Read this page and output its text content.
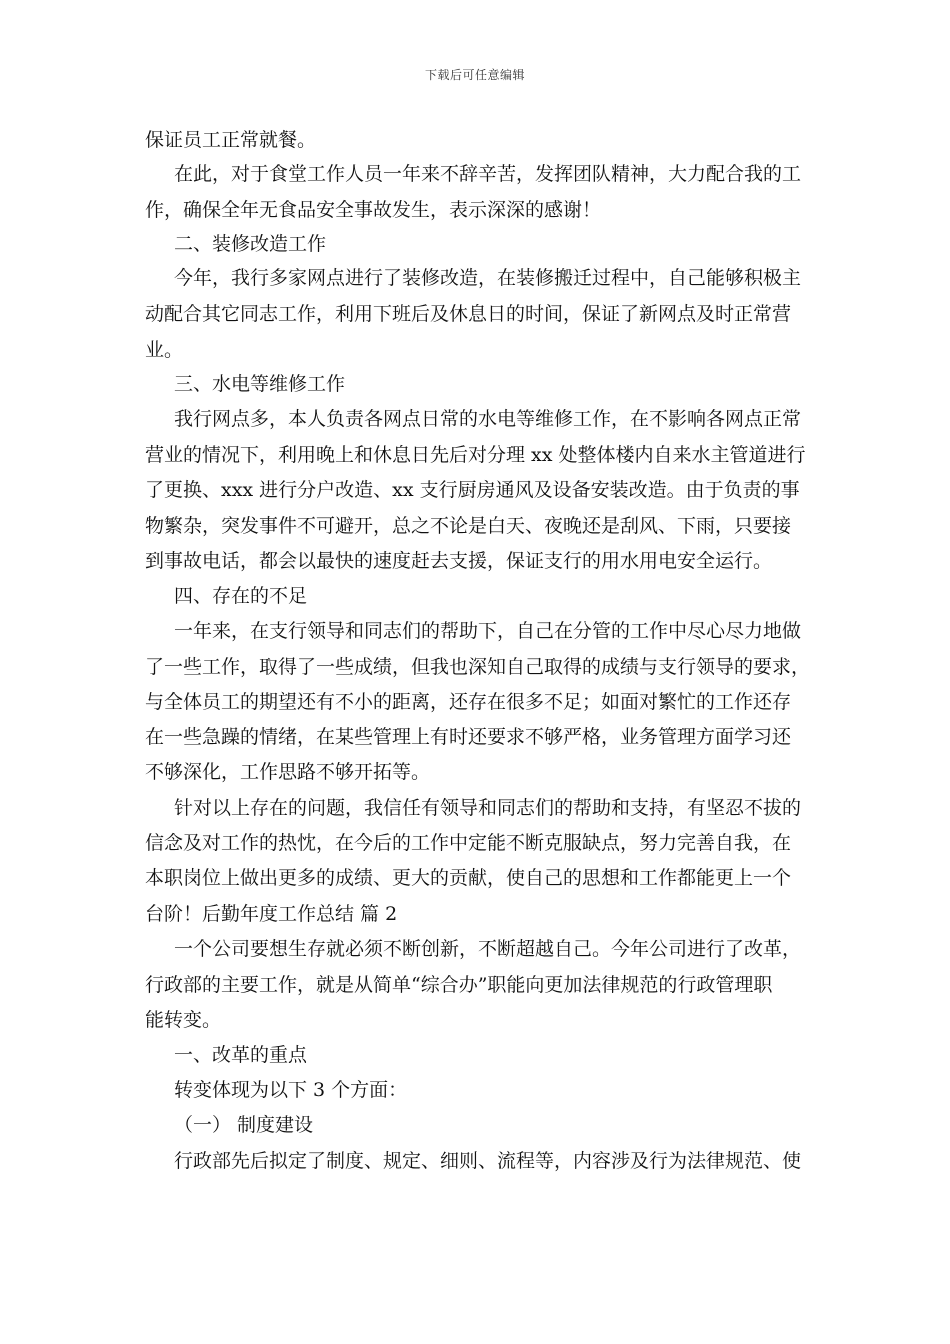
下载后可任意编辑
保证员工正常就餐。
在此，对于食堂工作人员一年来不辞辛苦，发挥团队精神，大力配合我的工
作，确保全年无食品安全事故发生，表示深深的感谢！
二、装修改造工作
今年，我行多家网点进行了装修改造，在装修搬迁过程中，自己能够积极主
动配合其它同志工作，利用下班后及休息日的时间，保证了新网点及时正常营
业。
三、水电等维修工作
我行网点多，本人负责各网点日常的水电等维修工作，在不影响各网点正常
营业的情况下，利用晚上和休息日先后对分理 xx 处整体楼内自来水主管道进行
了更换、xxx 进行分户改造、xx 支行厨房通风及设备安装改造。由于负责的事
物繁杂，突发事件不可避开，总之不论是白天、夜晚还是刮风、下雨，只要接
到事故电话，都会以最快的速度赶去支援，保证支行的用水用电安全运行。
四、存在的不足
一年来，在支行领导和同志们的帮助下，自己在分管的工作中尽心尽力地做
了一些工作，取得了一些成绩，但我也深知自己取得的成绩与支行领导的要求，
与全体员工的期望还有不小的距离，还存在很多不足；如面对繁忙的工作还存
在一些急躁的情绪，在某些管理上有时还要求不够严格，业务管理方面学习还
不够深化，工作思路不够开拓等。
针对以上存在的问题，我信任有领导和同志们的帮助和支持，有坚忍不拔的
信念及对工作的热忱，在今后的工作中定能不断克服缺点，努力完善自我，在
本职岗位上做出更多的成绩、更大的贡献，使自己的思想和工作都能更上一个
台阶！后勤年度工作总结 篇 2
一个公司要想生存就必须不断创新，不断超越自己。今年公司进行了改革，
行政部的主要工作，就是从简单“综合办”职能向更加法律规范的行政管理职
能转变。
一、改革的重点
转变体现为以下 3 个方面：
（一） 制度建设
行政部先后拟定了制度、规定、细则、流程等，内容涉及行为法律规范、使
